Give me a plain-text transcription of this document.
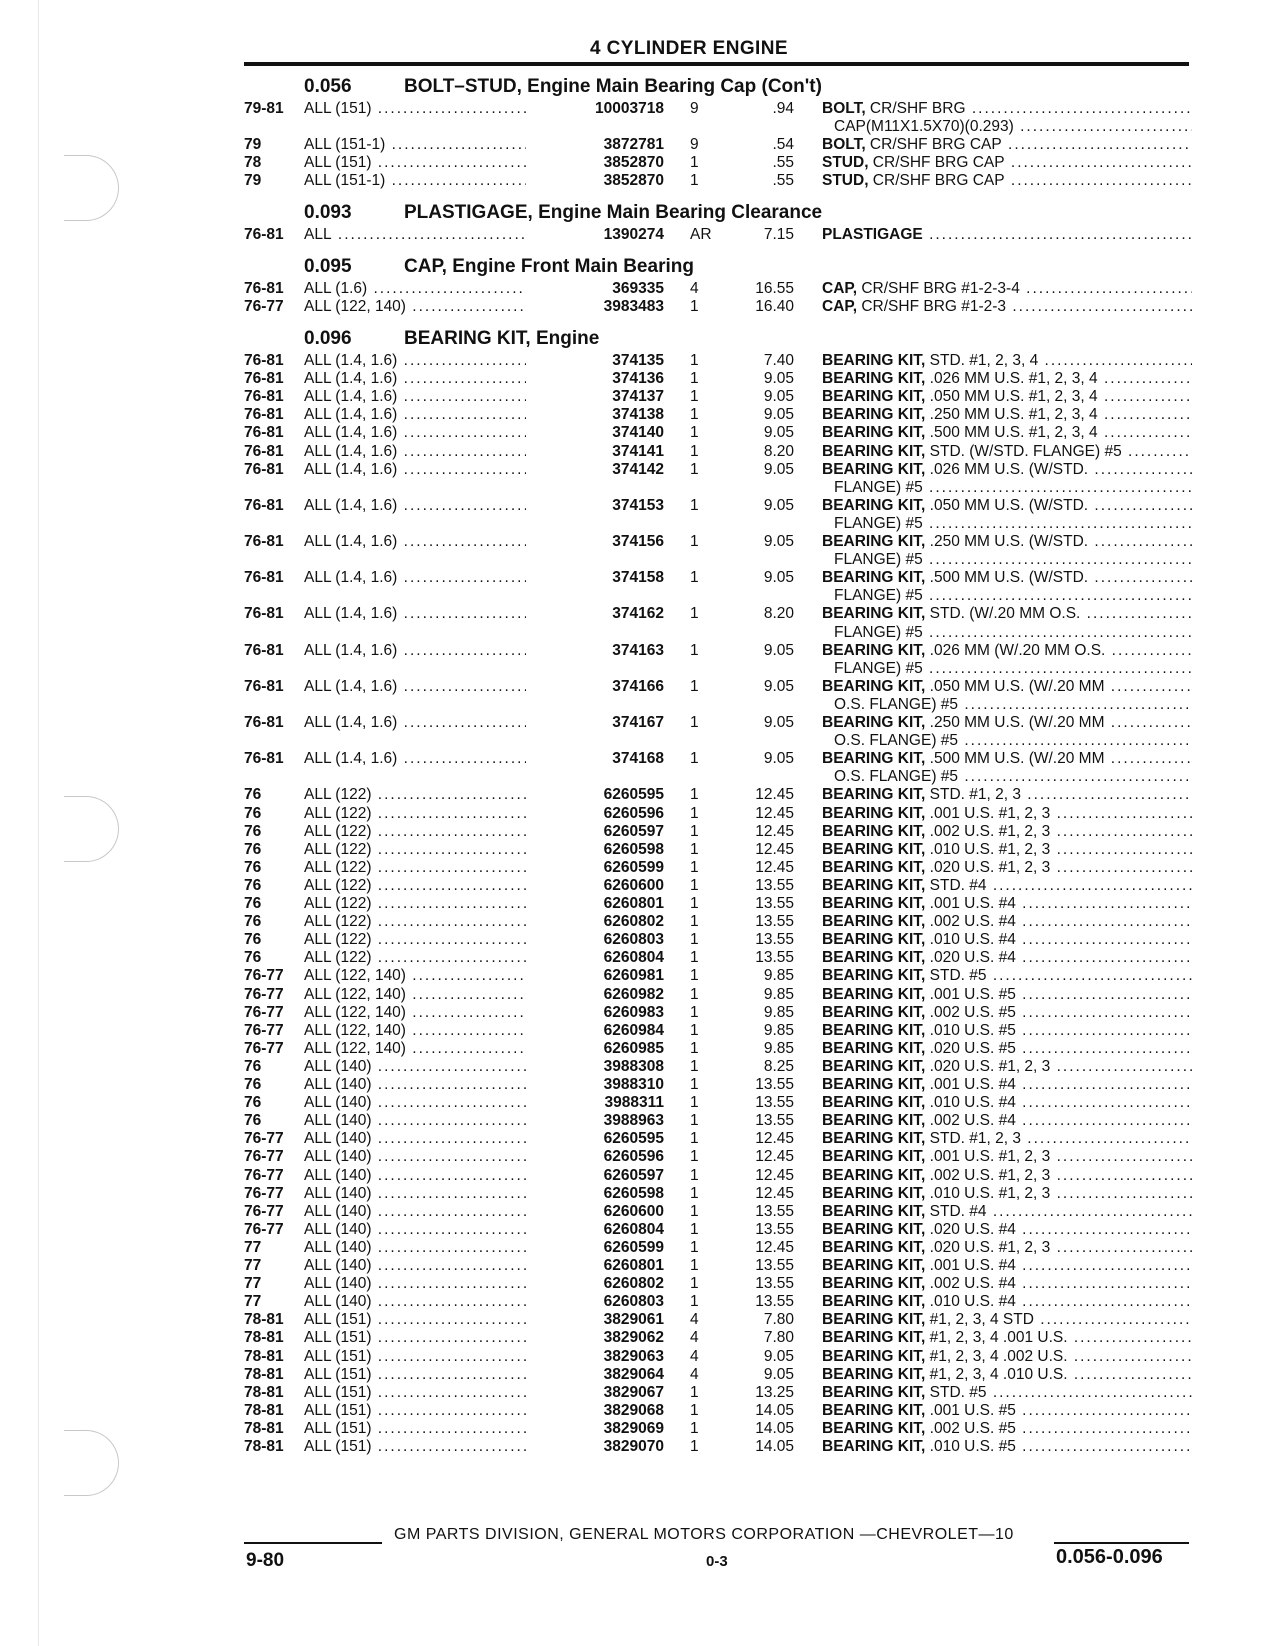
4 CYLINDER ENGINE
0.056	BOLT–STUD, Engine Main Bearing Cap (Con't)
79-81	ALL (151) .....	10003718 9	.94 BOLT, CR/SHF BRG .....
CAP(M11X1.5X70)(0.293) .....
79	ALL (151-1) .....	3872781 9	.54 BOLT, CR/SHF BRG CAP .....
78	ALL (151) .....	3852870 1	.55 STUD, CR/SHF BRG CAP .....
79	ALL (151-1) .....	3852870 1	.55 STUD, CR/SHF BRG CAP .....
0.093	PLASTIGAGE, Engine Main Bearing Clearance
76-81	ALL .....	1390274 AR	7.15 PLASTIGAGE .....
0.095	CAP, Engine Front Main Bearing
76-81	ALL (1.6) .....	369335 4	16.55 CAP, CR/SHF BRG #1-2-3-4 .....
76-77	ALL (122, 140) .....	3983483 1	16.40 CAP, CR/SHF BRG #1-2-3 .....
0.096	BEARING KIT, Engine
76-81	ALL (1.4, 1.6) .....	374135 1	7.40 BEARING KIT, STD. #1, 2, 3, 4 .....
76-81	ALL (1.4, 1.6) .....	374136 1	9.05 BEARING KIT, .026 MM U.S. #1, 2, 3, 4 .....
76-81	ALL (1.4, 1.6) .....	374137 1	9.05 BEARING KIT, .050 MM U.S. #1, 2, 3, 4 .....
76-81	ALL (1.4, 1.6) .....	374138 1	9.05 BEARING KIT, .250 MM U.S. #1, 2, 3, 4 .....
76-81	ALL (1.4, 1.6) .....	374140 1	9.05 BEARING KIT, .500 MM U.S. #1, 2, 3, 4 .....
76-81	ALL (1.4, 1.6) .....	374141 1	8.20 BEARING KIT, STD. (W/STD. FLANGE) #5 .....
76-81	ALL (1.4, 1.6) .....	374142 1	9.05 BEARING KIT, .026 MM U.S. (W/STD. .....
FLANGE) #5 .....
76-81	ALL (1.4, 1.6) .....	374153 1	9.05 BEARING KIT, .050 MM U.S. (W/STD. .....
FLANGE) #5 .....
76-81	ALL (1.4, 1.6) .....	374156 1	9.05 BEARING KIT, .250 MM U.S. (W/STD. .....
FLANGE) #5 .....
76-81	ALL (1.4, 1.6) .....	374158 1	9.05 BEARING KIT, .500 MM U.S. (W/STD. .....
FLANGE) #5 .....
76-81	ALL (1.4, 1.6) .....	374162 1	8.20 BEARING KIT, STD. (W/.20 MM O.S. .....
FLANGE) #5 .....
76-81	ALL (1.4, 1.6) .....	374163 1	9.05 BEARING KIT, .026 MM (W/.20 MM O.S. .....
FLANGE) #5 .....
76-81	ALL (1.4, 1.6) .....	374166 1	9.05 BEARING KIT, .050 MM U.S. (W/.20 MM .....
O.S. FLANGE) #5 .....
76-81	ALL (1.4, 1.6) .....	374167 1	9.05 BEARING KIT, .250 MM U.S. (W/.20 MM .....
O.S. FLANGE) #5 .....
76-81	ALL (1.4, 1.6) .....	374168 1	9.05 BEARING KIT, .500 MM U.S. (W/.20 MM .....
O.S. FLANGE) #5 .....
76	ALL (122) .....	6260595 1	12.45 BEARING KIT, STD. #1, 2, 3 .....
76	ALL (122) .....	6260596 1	12.45 BEARING KIT, .001 U.S. #1, 2, 3 .....
76	ALL (122) .....	6260597 1	12.45 BEARING KIT, .002 U.S. #1, 2, 3 .....
76	ALL (122) .....	6260598 1	12.45 BEARING KIT, .010 U.S. #1, 2, 3 .....
76	ALL (122) .....	6260599 1	12.45 BEARING KIT, .020 U.S. #1, 2, 3 .....
76	ALL (122) .....	6260600 1	13.55 BEARING KIT, STD. #4 .....
76	ALL (122) .....	6260801 1	13.55 BEARING KIT, .001 U.S. #4 .....
76	ALL (122) .....	6260802 1	13.55 BEARING KIT, .002 U.S. #4 .....
76	ALL (122) .....	6260803 1	13.55 BEARING KIT, .010 U.S. #4 .....
76	ALL (122) .....	6260804 1	13.55 BEARING KIT, .020 U.S. #4 .....
76-77	ALL (122, 140) .....	6260981 1	9.85 BEARING KIT, STD. #5 .....
76-77	ALL (122, 140) .....	6260982 1	9.85 BEARING KIT, .001 U.S. #5 .....
76-77	ALL (122, 140) .....	6260983 1	9.85 BEARING KIT, .002 U.S. #5 .....
76-77	ALL (122, 140) .....	6260984 1	9.85 BEARING KIT, .010 U.S. #5 .....
76-77	ALL (122, 140) .....	6260985 1	9.85 BEARING KIT, .020 U.S. #5 .....
76	ALL (140) .....	3988308 1	8.25 BEARING KIT, .020 U.S. #1, 2, 3 .....
76	ALL (140) .....	3988310 1	13.55 BEARING KIT, .001 U.S. #4 .....
76	ALL (140) .....	3988311 1	13.55 BEARING KIT, .010 U.S. #4 .....
76	ALL (140) .....	3988963 1	13.55 BEARING KIT, .002 U.S. #4 .....
76-77	ALL (140) .....	6260595 1	12.45 BEARING KIT, STD. #1, 2, 3 .....
76-77	ALL (140) .....	6260596 1	12.45 BEARING KIT, .001 U.S. #1, 2, 3 .....
76-77	ALL (140) .....	6260597 1	12.45 BEARING KIT, .002 U.S. #1, 2, 3 .....
76-77	ALL (140) .....	6260598 1	12.45 BEARING KIT, .010 U.S. #1, 2, 3 .....
76-77	ALL (140) .....	6260600 1	13.55 BEARING KIT, STD. #4 .....
76-77	ALL (140) .....	6260804 1	13.55 BEARING KIT, .020 U.S. #4 .....
77	ALL (140) .....	6260599 1	12.45 BEARING KIT, .020 U.S. #1, 2, 3 .....
77	ALL (140) .....	6260801 1	13.55 BEARING KIT, .001 U.S. #4 .....
77	ALL (140) .....	6260802 1	13.55 BEARING KIT, .002 U.S. #4 .....
77	ALL (140) .....	6260803 1	13.55 BEARING KIT, .010 U.S. #4 .....
78-81	ALL (151) .....	3829061 4	7.80 BEARING KIT, #1, 2, 3, 4 STD .....
78-81	ALL (151) .....	3829062 4	7.80 BEARING KIT, #1, 2, 3, 4 .001 U.S. .....
78-81	ALL (151) .....	3829063 4	9.05 BEARING KIT, #1, 2, 3, 4 .002 U.S. .....
78-81	ALL (151) .....	3829064 4	9.05 BEARING KIT, #1, 2, 3, 4 .010 U.S. .....
78-81	ALL (151) .....	3829067 1	13.25 BEARING KIT, STD. #5 .....
78-81	ALL (151) .....	3829068 1	14.05 BEARING KIT, .001 U.S. #5 .....
78-81	ALL (151) .....	3829069 1	14.05 BEARING KIT, .002 U.S. #5 .....
78-81	ALL (151) .....	3829070 1	14.05 BEARING KIT, .010 U.S. #5 .....
GM PARTS DIVISION, GENERAL MOTORS CORPORATION —CHEVROLET—10
9-80	0-3	0.056-0.096
